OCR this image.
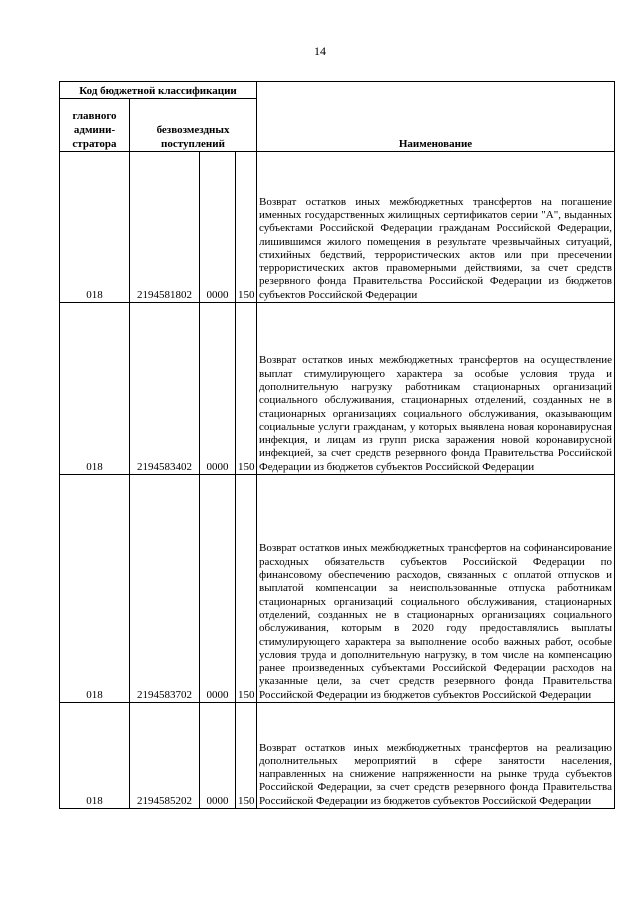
14
Код бюджетной классификации				Наименование

главного админи-стратора	безвозмездных поступлений			

018	2194581802	0000	150	Возврат остатков иных межбюджетных трансфертов на погашение именных государственных жилищных сертификатов серии "А", выданных субъектами Российской Федерации гражданам Российской Федерации, лишившимся жилого помещения в результате чрезвычайных ситуаций, стихийных бедствий, террористических актов или при пресечении террористических актов правомерными действиями, за счет средств резервного фонда Правительства Российской Федерации из бюджетов субъектов Российской Федерации

018	2194583402	0000	150	Возврат остатков иных межбюджетных трансфертов на осуществление выплат стимулирующего характера за особые условия труда и дополнительную нагрузку работникам стационарных организаций социального обслуживания, стационарных отделений, созданных не в стационарных организациях социального обслуживания, оказывающим социальные услуги гражданам, у которых выявлена новая коронавирусная инфекция, и лицам из групп риска заражения новой коронавирусной инфекцией, за счет средств резервного фонда Правительства Российской Федерации из бюджетов субъектов Российской Федерации

018	2194583702	0000	150	Возврат остатков иных межбюджетных трансфертов на софинансирование расходных обязательств субъектов Российской Федерации по финансовому обеспечению расходов, связанных с оплатой отпусков и выплатой компенсации за неиспользованные отпуска работникам стационарных организаций социального обслуживания, стационарных отделений, созданных не в стационарных организациях социального обслуживания, которым в 2020 году предоставлялись выплаты стимулирующего характера за выполнение особо важных работ, особые условия труда и дополнительную нагрузку, в том числе на компенсацию ранее произведенных субъектами Российской Федерации расходов на указанные цели, за счет средств резервного фонда Правительства Российской Федерации из бюджетов субъектов Российской Федерации

018	2194585202	0000	150	Возврат остатков иных межбюджетных трансфертов на реализацию дополнительных мероприятий в сфере занятости населения, направленных на снижение напряженности на рынке труда субъектов Российской Федерации, за счет средств резервного фонда Правительства Российской Федерации из бюджетов субъектов Российской Федерации
